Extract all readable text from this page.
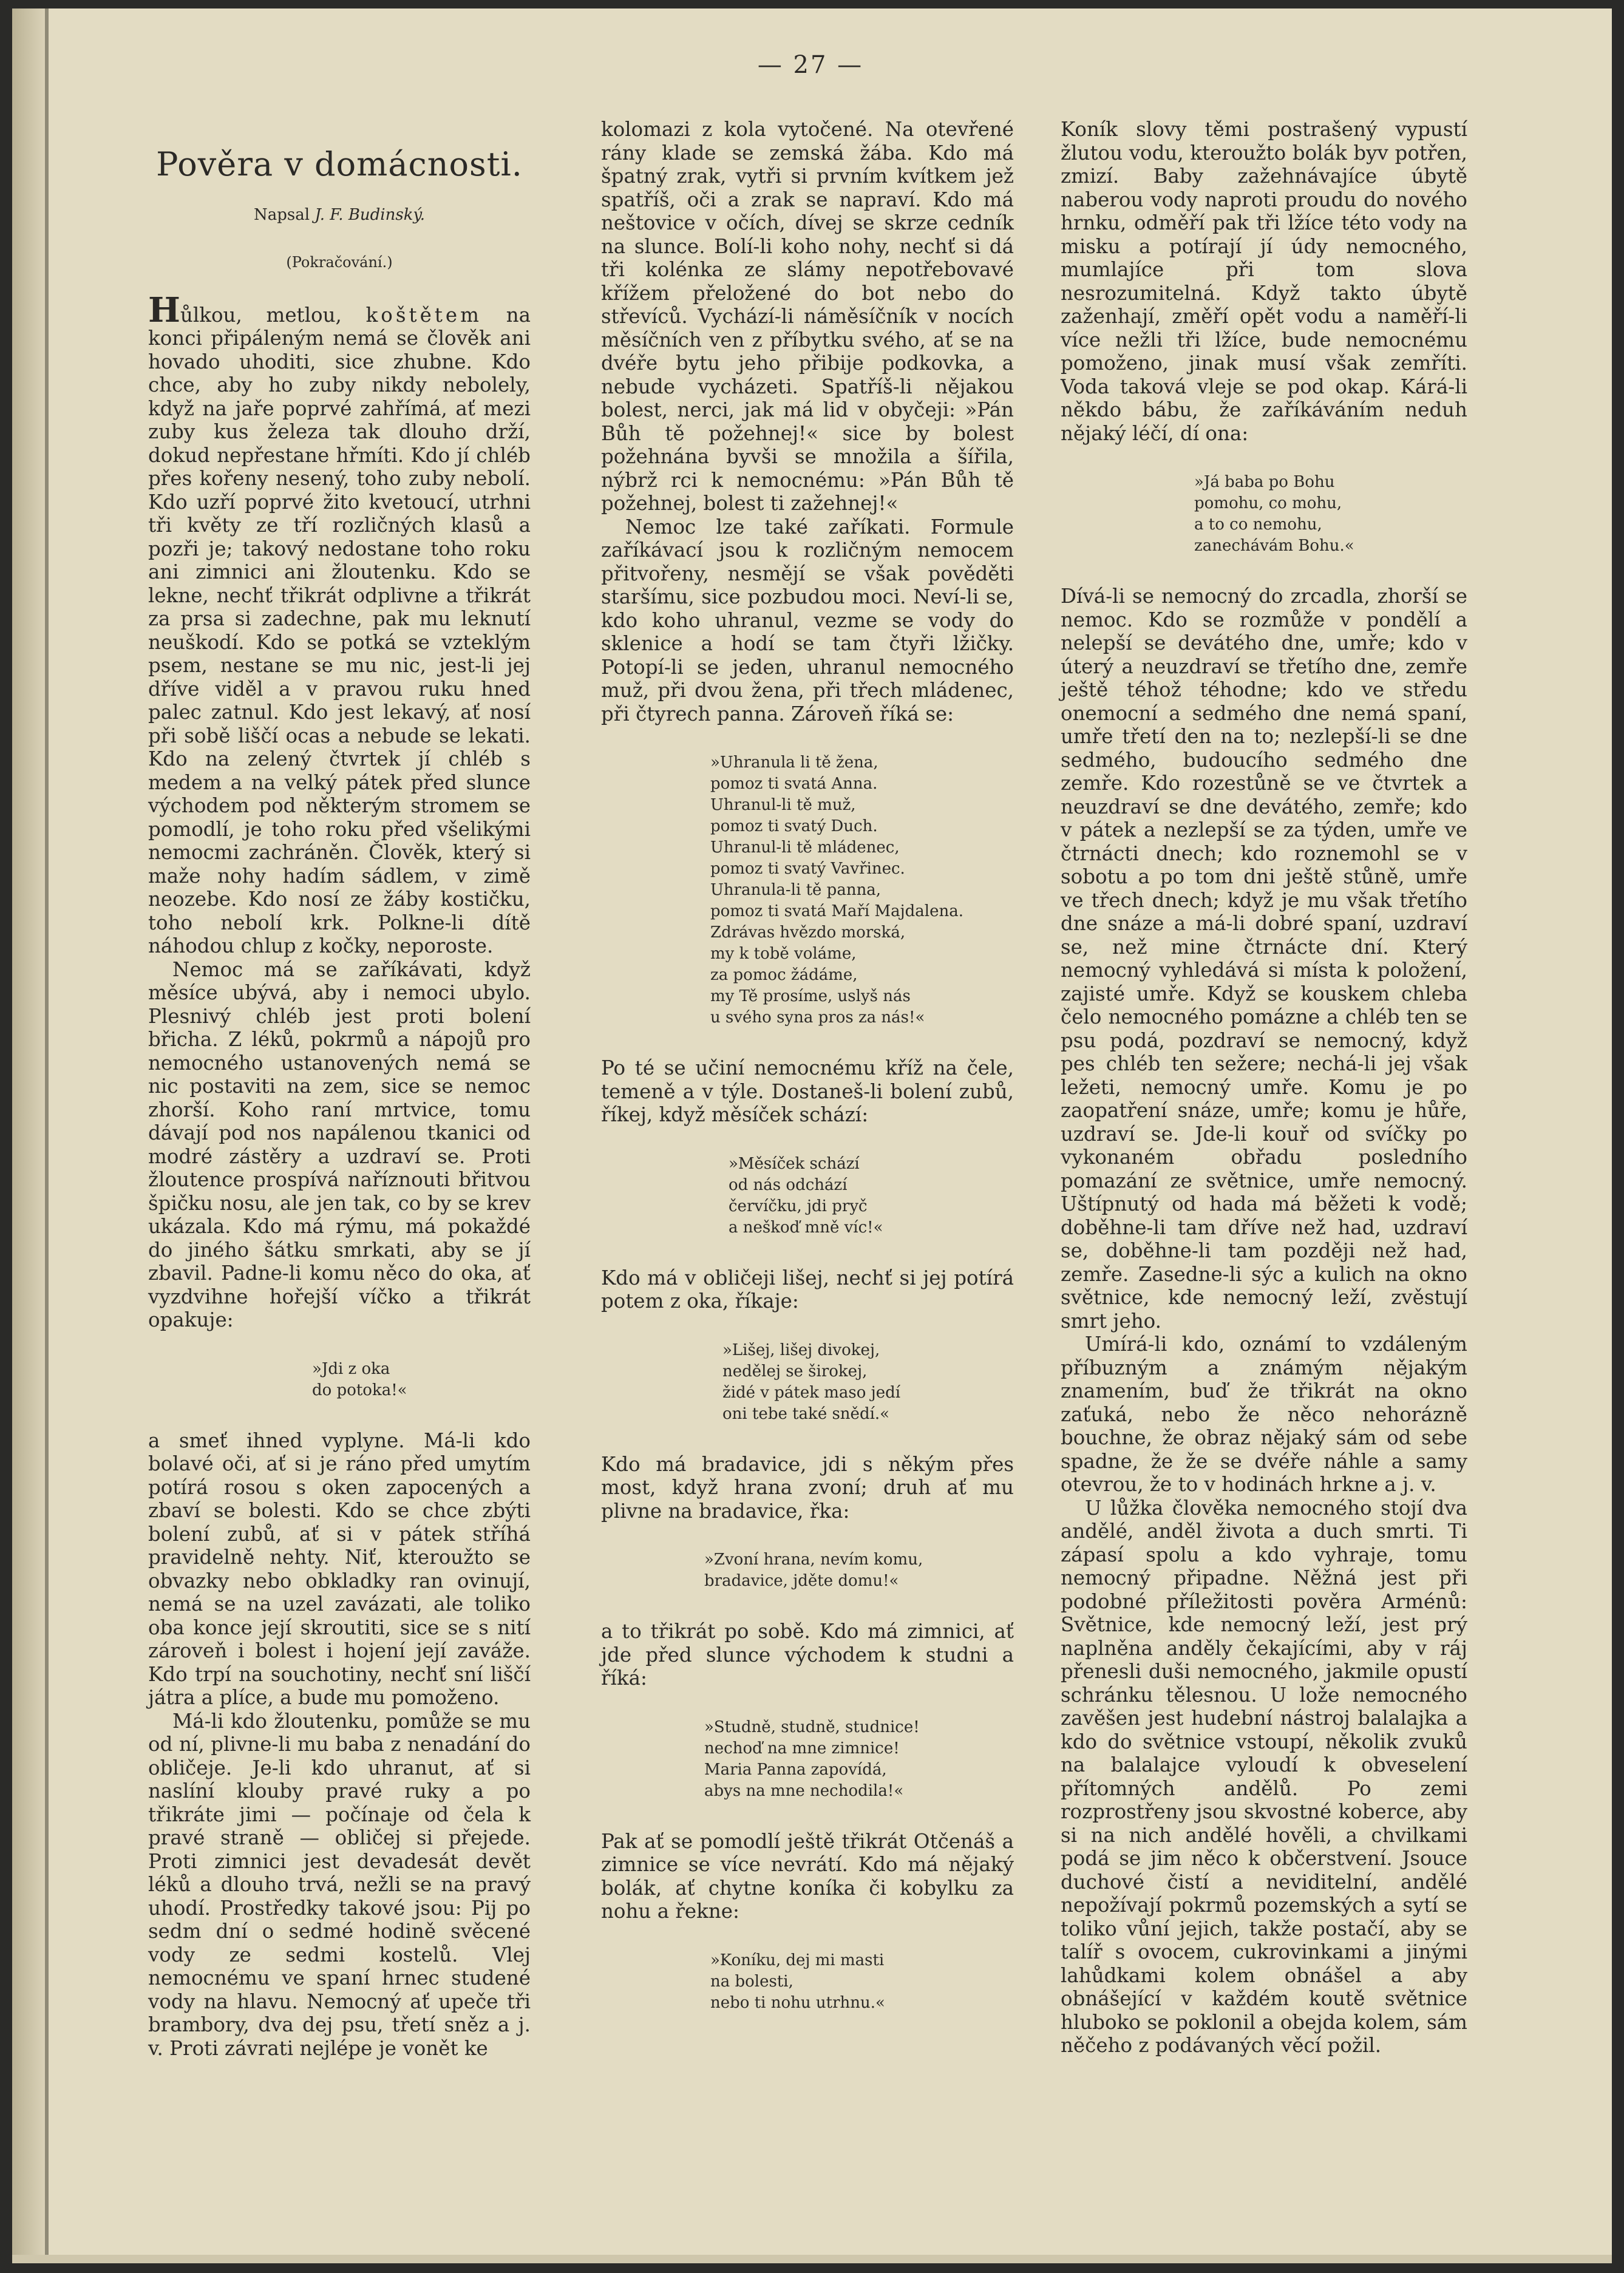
— 27 —
Pověra v domácnosti.
Napsal J. F. Budinský.
(Pokračování.)

Hůlkou, metlou, koštětem na konci připáleným nemá se člověk ani hovado uhoditi, sice zhubne. Kdo chce, aby ho zuby nikdy nebolely, když na jaře poprvé zahřímá, ať mezi zuby kus železa tak dlouho drží, dokud nepřestane hřmíti. Kdo jí chléb přes kořeny nesený, toho zuby nebolí. Kdo uzří poprvé žito kvetoucí, utrhni tři květy ze tří rozličných klasů a pozři je; takový nedostane toho roku ani zimnici ani žloutenku. Kdo se lekne, nechť třikrát odplivne a třikrát za prsa si zadechne, pak mu leknutí neuškodí. Kdo se potká se vzteklým psem, nestane se mu nic, jest-li jej dříve viděl a v pravou ruku hned palec zatnul. Kdo jest lekavý, ať nosí při sobě liščí ocas a nebude se lekati. Kdo na zelený čtvrtek jí chléb s medem a na velký pátek před slunce východem pod některým stromem se pomodlí, je toho roku před všelikými nemocmi zachráněn. Člověk, který si maže nohy hadím sádlem, v zimě neozebe. Kdo nosí ze žáby kostičku, toho nebolí krk. Polkne-li dítě náhodou chlup z kočky, neporoste.

Nemoc má se zaříkávati, když měsíce ubývá, aby i nemoci ubylo. Plesnivý chléb jest proti bolení břicha. Z léků, pokrmů a nápojů pro nemocného ustanovených nemá se nic postaviti na zem, sice se nemoc zhorší. Koho raní mrtvice, tomu dávají pod nos napálenou tkanici od modré zástěry a uzdraví se. Proti žloutence prospívá naříznouti břitvou špičku nosu, ale jen tak, co by se krev ukázala. Kdo má rýmu, má pokaždé do jiného šátku smrkati, aby se jí zbavil. Padne-li komu něco do oka, ať vyzdvihne hořejší víčko a třikrát opakuje:

»Jdi z oka
do potoka!«

a smeť ihned vyplyne. Má-li kdo bolavé oči, ať si je ráno před umytím potírá rosou s oken zapocených a zbaví se bolesti. Kdo se chce zbýti bolení zubů, ať si v pátek stříhá pravidelně nehty. Niť, kteroužto se obvazky nebo obkladky ran ovinují, nemá se na uzel zavázati, ale toliko oba konce její skroutiti, sice se s nití zároveň i bolest i hojení její zaváže. Kdo trpí na souchotiny, nechť sní liščí játra a plíce, a bude mu pomoženo.

Má-li kdo žloutenku, pomůže se mu od ní, plivne-li mu baba z nenadání do obličeje. Je-li kdo uhranut, ať si naslíní klouby pravé ruky a po třikráte jimi — počínaje od čela k pravé straně — obličej si přejede. Proti zimnici jest devadesát devět léků a dlouho trvá, nežli se na pravý uhodí. Prostředky takové jsou: Pij po sedm dní o sedmé hodině svěcené vody ze sedmi kostelů. Vlej nemocnému ve spaní hrnec studené vody na hlavu. Nemocný ať upeče tři brambory, dva dej psu, třetí sněz a j. v. Proti závrati nejlépe je vonět ke

kolomazi z kola vytočené. Na otevřené rány klade se zemská žába. Kdo má špatný zrak, vytři si prvním kvítkem jež spatříš, oči a zrak se napraví. Kdo má neštovice v očích, dívej se skrze cedník na slunce. Bolí-li koho nohy, nechť si dá tři kolénka ze slámy nepotřebovavé křížem přeložené do bot nebo do střevíců. Vychází-li náměsíčník v nocích měsíčních ven z příbytku svého, ať se na dvéře bytu jeho přibije podkovka, a nebude vycházeti. Spatříš-li nějakou bolest, nerci, jak má lid v obyčeji: »Pán Bůh tě požehnej!« sice by bolest požehnána byvši se množila a šířila, nýbrž rci k nemocnému: »Pán Bůh tě požehnej, bolest ti zažehnej!«

Nemoc lze také zaříkati. Formule zaříkávací jsou k rozličným nemocem přitvořeny, nesmějí se však pověděti staršímu, sice pozbudou moci. Neví-li se, kdo koho uhranul, vezme se vody do sklenice a hodí se tam čtyři lžičky. Potopí-li se jeden, uhranul nemocného muž, při dvou žena, při třech mládenec, při čtyrech panna. Zároveň říká se:

»Uhranula li tě žena,
pomoz ti svatá Anna.
Uhranul-li tě muž,
pomoz ti svatý Duch.
Uhranul-li tě mládenec,
pomoz ti svatý Vavřinec.
Uhranula-li tě panna,
pomoz ti svatá Maří Majdalena.
Zdrávas hvězdo morská,
my k tobě voláme,
za pomoc žádáme,
my Tě prosíme, uslyš nás
u svého syna pros za nás!«

Po té se učiní nemocnému kříž na čele, temeně a v týle. Dostaneš-li bolení zubů, říkej, když měsíček schází:

»Měsíček schází
od nás odchází
červíčku, jdi pryč
a neškoď mně víc!«

Kdo má v obličeji lišej, nechť si jej potírá potem z oka, říkaje:

»Lišej, lišej divokej,
nedělej se širokej,
židé v pátek maso jedí
oni tebe také snědí.«

Kdo má bradavice, jdi s někým přes most, když hrana zvoní; druh ať mu plivne na bradavice, řka:

»Zvoní hrana, nevím komu,
bradavice, jděte domu!«

a to třikrát po sobě. Kdo má zimnici, ať jde před slunce východem k studni a říká:

»Studně, studně, studnice!
nechoď na mne zimnice!
Maria Panna zapovídá,
abys na mne nechodila!«

Pak ať se pomodlí ještě třikrát Otčenáš a zimnice se více nevrátí. Kdo má nějaký bolák, ať chytne koníka či kobylku za nohu a řekne:

»Koníku, dej mi masti
na bolesti,
nebo ti nohu utrhnu.«

Koník slovy těmi postrašený vypustí žlutou vodu, kteroužto bolák byv potřen, zmizí. Baby zažehnávajíce úbytě naberou vody naproti proudu do nového hrnku, odměří pak tři lžíce této vody na misku a potírají jí údy nemocného, mumlajíce při tom slova nesrozumitelná. Když takto úbytě zaženhají, změří opět vodu a naměří-li více nežli tři lžíce, bude nemocnému pomoženo, jinak musí však zemříti. Voda taková vleje se pod okap. Kárá-li někdo bábu, že zaříkáváním neduh nějaký léčí, dí ona:

»Já baba po Bohu
pomohu, co mohu,
a to co nemohu,
zanechávám Bohu.«

Dívá-li se nemocný do zrcadla, zhorší se nemoc. Kdo se rozmůže v pondělí a nelepší se devátého dne, umře; kdo v úterý a neuzdraví se třetího dne, zemře ještě téhož téhodne; kdo ve středu onemocní a sedmého dne nemá spaní, umře třetí den na to; nezlepší-li se dne sedmého, budoucího sedmého dne zemře. Kdo rozestůně se ve čtvrtek a neuzdraví se dne devátého, zemře; kdo v pátek a nezlepší se za týden, umře ve čtrnácti dnech; kdo roznemohl se v sobotu a po tom dni ještě stůně, umře ve třech dnech; když je mu však třetího dne snáze a má-li dobré spaní, uzdraví se, než mine čtrnácte dní. Který nemocný vyhledává si místa k položení, zajisté umře. Když se kouskem chleba čelo nemocného pomázne a chléb ten se psu podá, pozdraví se nemocný, když pes chléb ten sežere; nechá-li jej však ležeti, nemocný umře. Komu je po zaopatření snáze, umře; komu je hůře, uzdraví se. Jde-li kouř od svíčky po vykonaném obřadu posledního pomazání ze světnice, umře nemocný. Uštípnutý od hada má běžeti k vodě; doběhne-li tam dříve než had, uzdraví se, doběhne-li tam později než had, zemře. Zasedne-li sýc a kulich na okno světnice, kde nemocný leží, zvěstují smrt jeho.

Umírá-li kdo, oznámí to vzdáleným příbuzným a známým nějakým znamením, buď že třikrát na okno zaťuká, nebo že něco nehorázně bouchne, že obraz nějaký sám od sebe spadne, že že se dvéře náhle a samy otevrou, že to v hodinách hrkne a j. v.

U lůžka člověka nemocného stojí dva andělé, anděl života a duch smrti. Ti zápasí spolu a kdo vyhraje, tomu nemocný připadne. Něžná jest při podobné příležitosti pověra Arménů: Světnice, kde nemocný leží, jest prý naplněna anděly čekajícími, aby v ráj přenesli duši nemocného, jakmile opustí schránku tělesnou. U lože nemocného zavěšen jest hudební nástroj balalajka a kdo do světnice vstoupí, několik zvuků na balalajce vyloudí k obveselení přítomných andělů. Po zemi rozprostřeny jsou skvostné koberce, aby si na nich andělé hověli, a chvilkami podá se jim něco k občerstvení. Jsouce duchové čistí a neviditelní, andělé nepožívají pokrmů pozemských a sytí se toliko vůní jejich, takže postačí, aby se talíř s ovocem, cukrovinkami a jinými lahůdkami kolem obnášel a aby obnášející v každém koutě světnice hluboko se poklonil a obejda kolem, sám něčeho z podávaných věcí požil.
